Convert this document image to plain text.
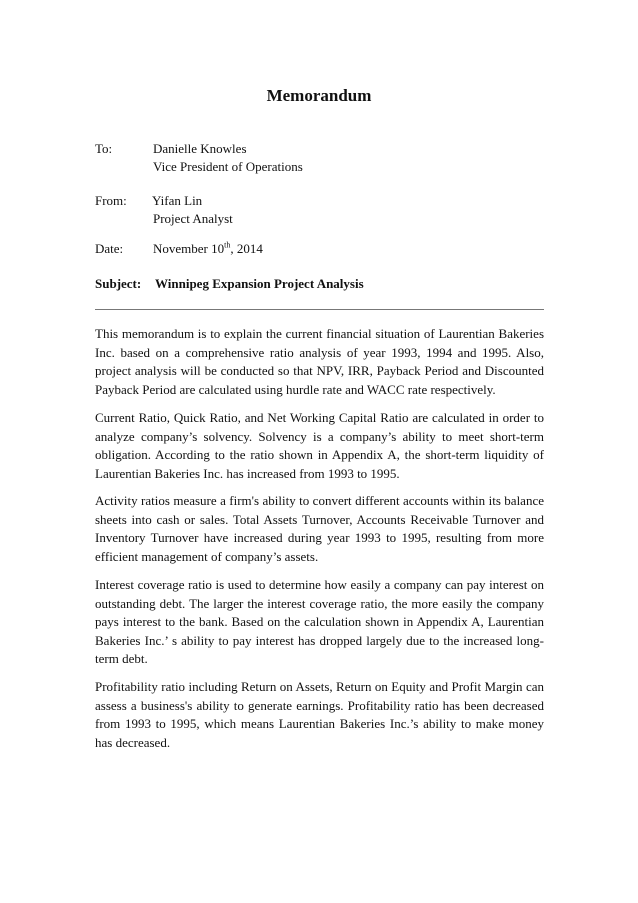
Memorandum
To:	Danielle Knowles
Vice President of Operations
From: Yifan Lin
Project Analyst
Date: November 10th, 2014
Subject: Winnipeg Expansion Project Analysis

This memorandum is to explain the current financial situation of Laurentian Bakeries Inc. based on a comprehensive ratio analysis of year 1993, 1994 and 1995. Also, project analysis will be conducted so that NPV, IRR, Payback Period and Discounted Payback Period are calculated using hurdle rate and WACC rate respectively.

Current Ratio, Quick Ratio, and Net Working Capital Ratio are calculated in order to analyze company’s solvency. Solvency is a company’s ability to meet short-term obligation. According to the ratio shown in Appendix A, the short-term liquidity of Laurentian Bakeries Inc. has increased from 1993 to 1995.

Activity ratios measure a firm's ability to convert different accounts within its balance sheets into cash or sales. Total Assets Turnover, Accounts Receivable Turnover and Inventory Turnover have increased during year 1993 to 1995, resulting from more efficient management of company’s assets.

Interest coverage ratio is used to determine how easily a company can pay interest on outstanding debt. The larger the interest coverage ratio, the more easily the company pays interest to the bank. Based on the calculation shown in Appendix A, Laurentian Bakeries Inc.’ s ability to pay interest has dropped largely due to the increased long-term debt.

Profitability ratio including Return on Assets, Return on Equity and Profit Margin can assess a business's ability to generate earnings. Profitability ratio has been decreased from 1993 to 1995, which means Laurentian Bakeries Inc.’s ability to make money has decreased.
